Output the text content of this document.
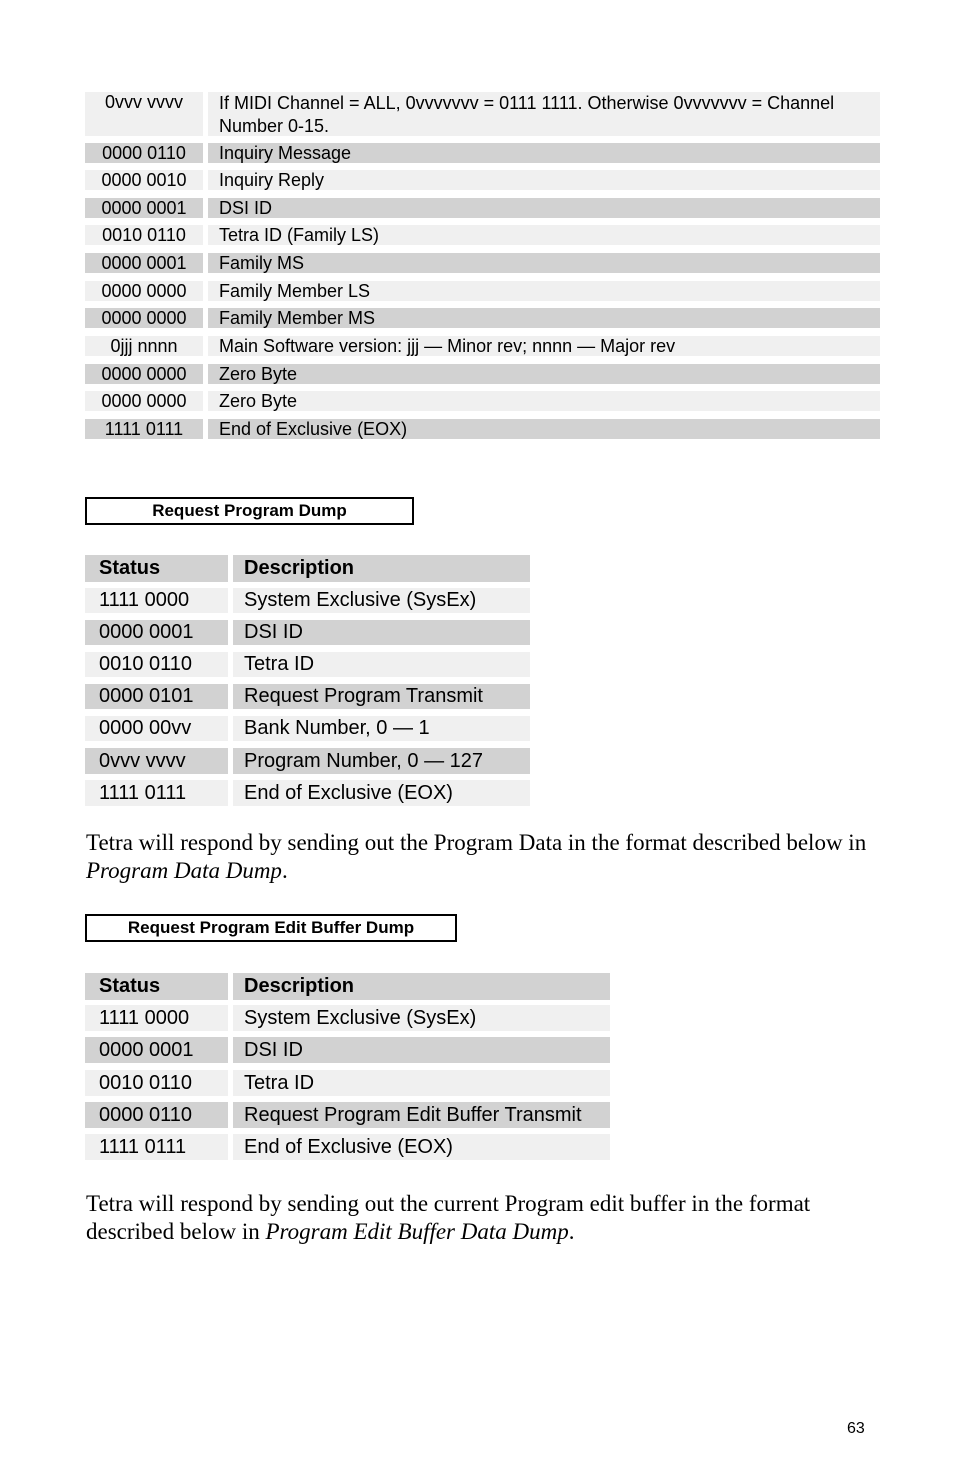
0vvv vvvv	If MIDI Channel = ALL, 0vvvvvvv = 0111 1111. Otherwise 0vvvvvvv = Channel Number 0-15.
0000 0110	Inquiry Message
0000 0010	Inquiry Reply
0000 0001	DSI ID
0010 0110	Tetra ID (Family LS)
0000 0001	Family MS
0000 0000	Family Member LS
0000 0000	Family Member MS
0jjj nnnn	Main Software version: jjj — Minor rev; nnnn — Major rev
0000 0000	Zero Byte
0000 0000	Zero Byte
1111 0111	End of Exclusive (EOX)
Request Program Dump
Status	Description
1111 0000	System Exclusive (SysEx)
0000 0001	DSI ID
0010 0110	Tetra ID
0000 0101	Request Program Transmit
0000 00vv	Bank Number, 0 — 1
0vvv vvvv	Program Number, 0 — 127
1111 0111	End of Exclusive (EOX)

Tetra will respond by sending out the Program Data in the format described below in Program Data Dump.

Request Program Edit Buffer Dump
Status	Description
1111 0000	System Exclusive (SysEx)
0000 0001	DSI ID
0010 0110	Tetra ID
0000 0110	Request Program Edit Buffer Transmit
1111 0111	End of Exclusive (EOX)

Tetra will respond by sending out the current Program edit buffer in the format described below in Program Edit Buffer Data Dump.

63
